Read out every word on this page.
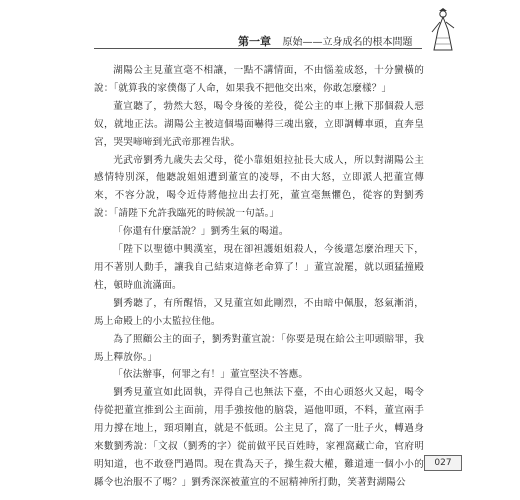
第一章 原始——立身成名的根本問題

湖陽公主見董宣毫不相讓，一點不講情面，不由惱羞成怒，十分蠻橫的說：「就算我的家僕傷了人命，如果我不把他交出來，你敢怎麼樣？」

董宣聽了，勃然大怒，喝令身後的差役，從公主的車上揪下那個殺人惡奴，就地正法。湖陽公主被這個場面嚇得三魂出竅，立即調轉車頭，直奔皇宮，哭哭啼啼到光武帝那裡告狀。

光武帝劉秀九歲失去父母，從小靠姐姐拉扯長大成人，所以對湖陽公主感情特別深，他聽說姐姐遭到董宣的凌辱，不由大怒，立即派人把董宣傳來，不容分說，喝令近侍將他拉出去打死，董宣毫無懼色，從容的對劉秀說：「請陛下允許我臨死的時候說一句話。」

「你還有什麼話說？」劉秀生氣的喝道。

「陛下以聖德中興漢室，現在卻袒護姐姐殺人，今後還怎麼治理天下，用不著別人動手，讓我自己結束這條老命算了！」董宣說罷，就以頭猛撞殿柱，頓時血流滿面。

劉秀聽了，有所醒悟，又見董宣如此剛烈，不由暗中佩服，怒氣漸消，馬上命殿上的小太監拉住他。

為了照顧公主的面子，劉秀對董宣說：「你要是現在給公主叩頭賠罪，我馬上釋放你。」

「依法辦事，何罪之有！」董宣堅決不答應。

劉秀見董宣如此固執，弄得自己也無法下臺，不由心頭怒火又起，喝令侍從把董宣推到公主面前，用手強按他的脑袋，逼他叩頭，不料，董宣兩手用力撐在地上，頸項剛直，就是不低頭。公主見了，窩了一肚子火，轉過身來數劉秀說：「文叔（劉秀的字）從前做平民百姓時，家裡窩藏亡命，官府明明知道，也不敢登門過問。現在貴為天子，操生殺大權，難道連一個小小的縣令也治服不了嗎？」劉秀深深被董宣的不屈精神所打動，笑著對湖陽公

027
